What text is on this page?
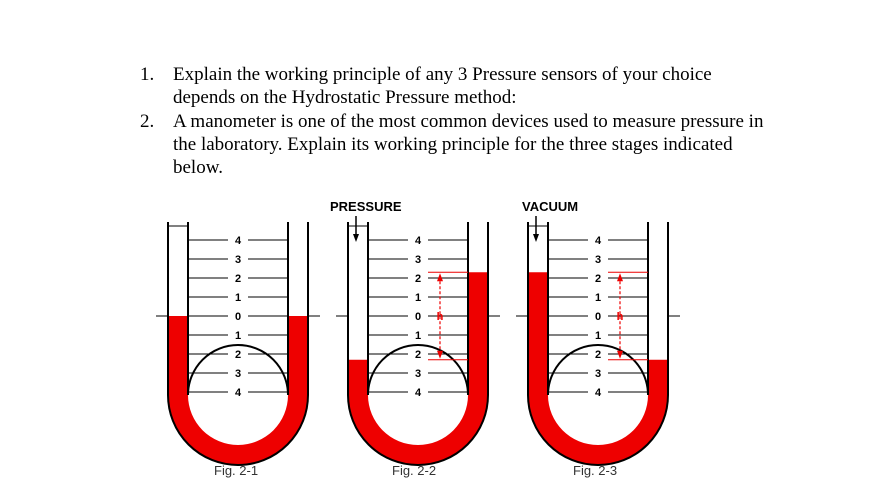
1. Explain the working principle of any 3 Pressure sensors of your choice
depends on the Hydrostatic Pressure method:
2. A manometer is one of the most common devices used to measure pressure in
the laboratory. Explain its working principle for the three stages indicated
below.
PRESSURE	VACUUM
4
3
2
1
0
1
2
3
4
4
3
2
1
0
1
2
3
4
h
4
3
2
1
0
1
2
3
4
h
Fig. 2-1	Fig. 2-2	Fig. 2-3
